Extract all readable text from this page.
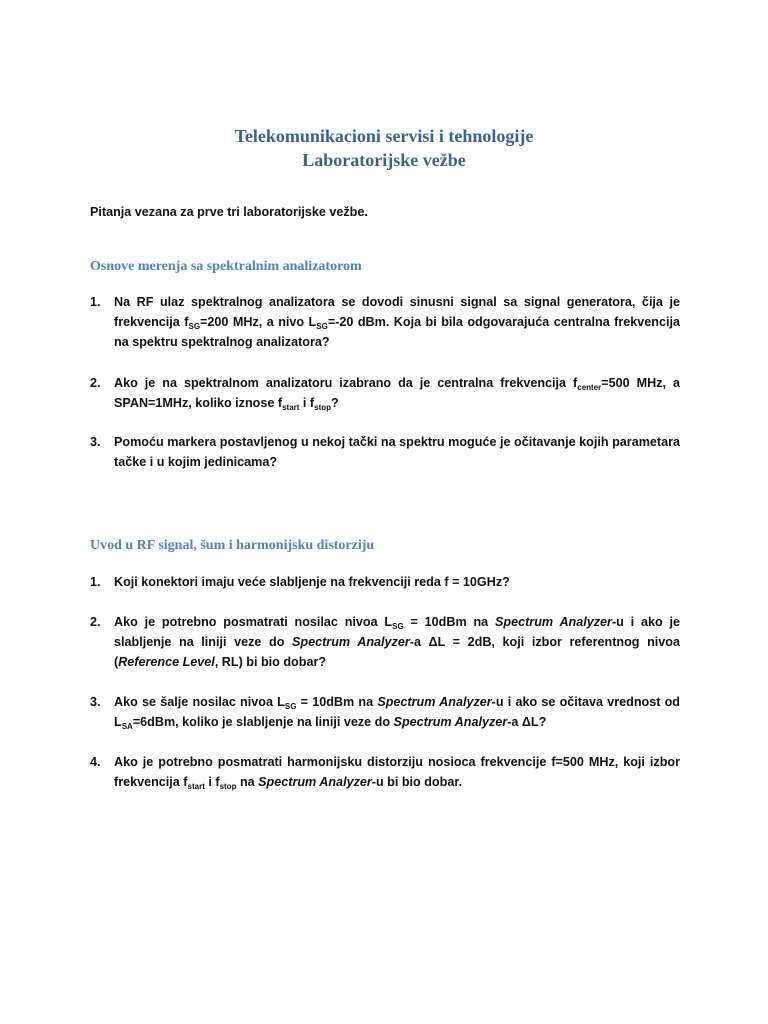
Telekomunikacioni servisi i tehnologije
Laboratorijske vežbe
Pitanja vezana za prve tri laboratorijske vežbe.
Osnove merenja sa spektralnim analizatorom
1.	Na RF ulaz spektralnog analizatora se dovodi sinusni signal sa signal generatora, čija je frekvencija $f_{SG}=200$ MHz, a nivo $L_{SG}=-20$ dBm. Koja bi bila odgovarajuća centralna frekvencija na spektru spektralnog analizatora?
2.	Ako je na spektralnom analizatoru izabrano da je centralna frekvencija $f_{center}=500$ MHz, a SPAN=1MHz, koliko iznose $f_{start}$ i $f_{stop}$?
3.	Pomoću markera postavljenog u nekoj tački na spektru moguće je očitavanje kojih parametara tačke i u kojim jedinicama?
Uvod u RF signal, šum i harmonijsku distorziju
1.	Koji konektori imaju veće slabljenje na frekvenciji reda f = 10GHz?
2.	Ako je potrebno posmatrati nosilac nivoa $L_{SG} = 10dBm$ na Spectrum Analyzer-u i ako je slabljenje na liniji veze do Spectrum Analyzer-a ΔL = 2dB, koji izbor referentnog nivoa (Reference Level, RL) bi bio dobar?
3.	Ako se šalje nosilac nivoa $L_{SG} = 10dBm$ na Spectrum Analyzer-u i ako se očitava vrednost od $L_{SA}=6dBm$, koliko je slabljenje na liniji veze do Spectrum Analyzer-a ΔL?
4.	Ako je potrebno posmatrati harmonijsku distorziju nosioca frekvencije f=500 MHz, koji izbor frekvencija $f_{start}$ i $f_{stop}$ na Spectrum Analyzer-u bi bio dobar.
